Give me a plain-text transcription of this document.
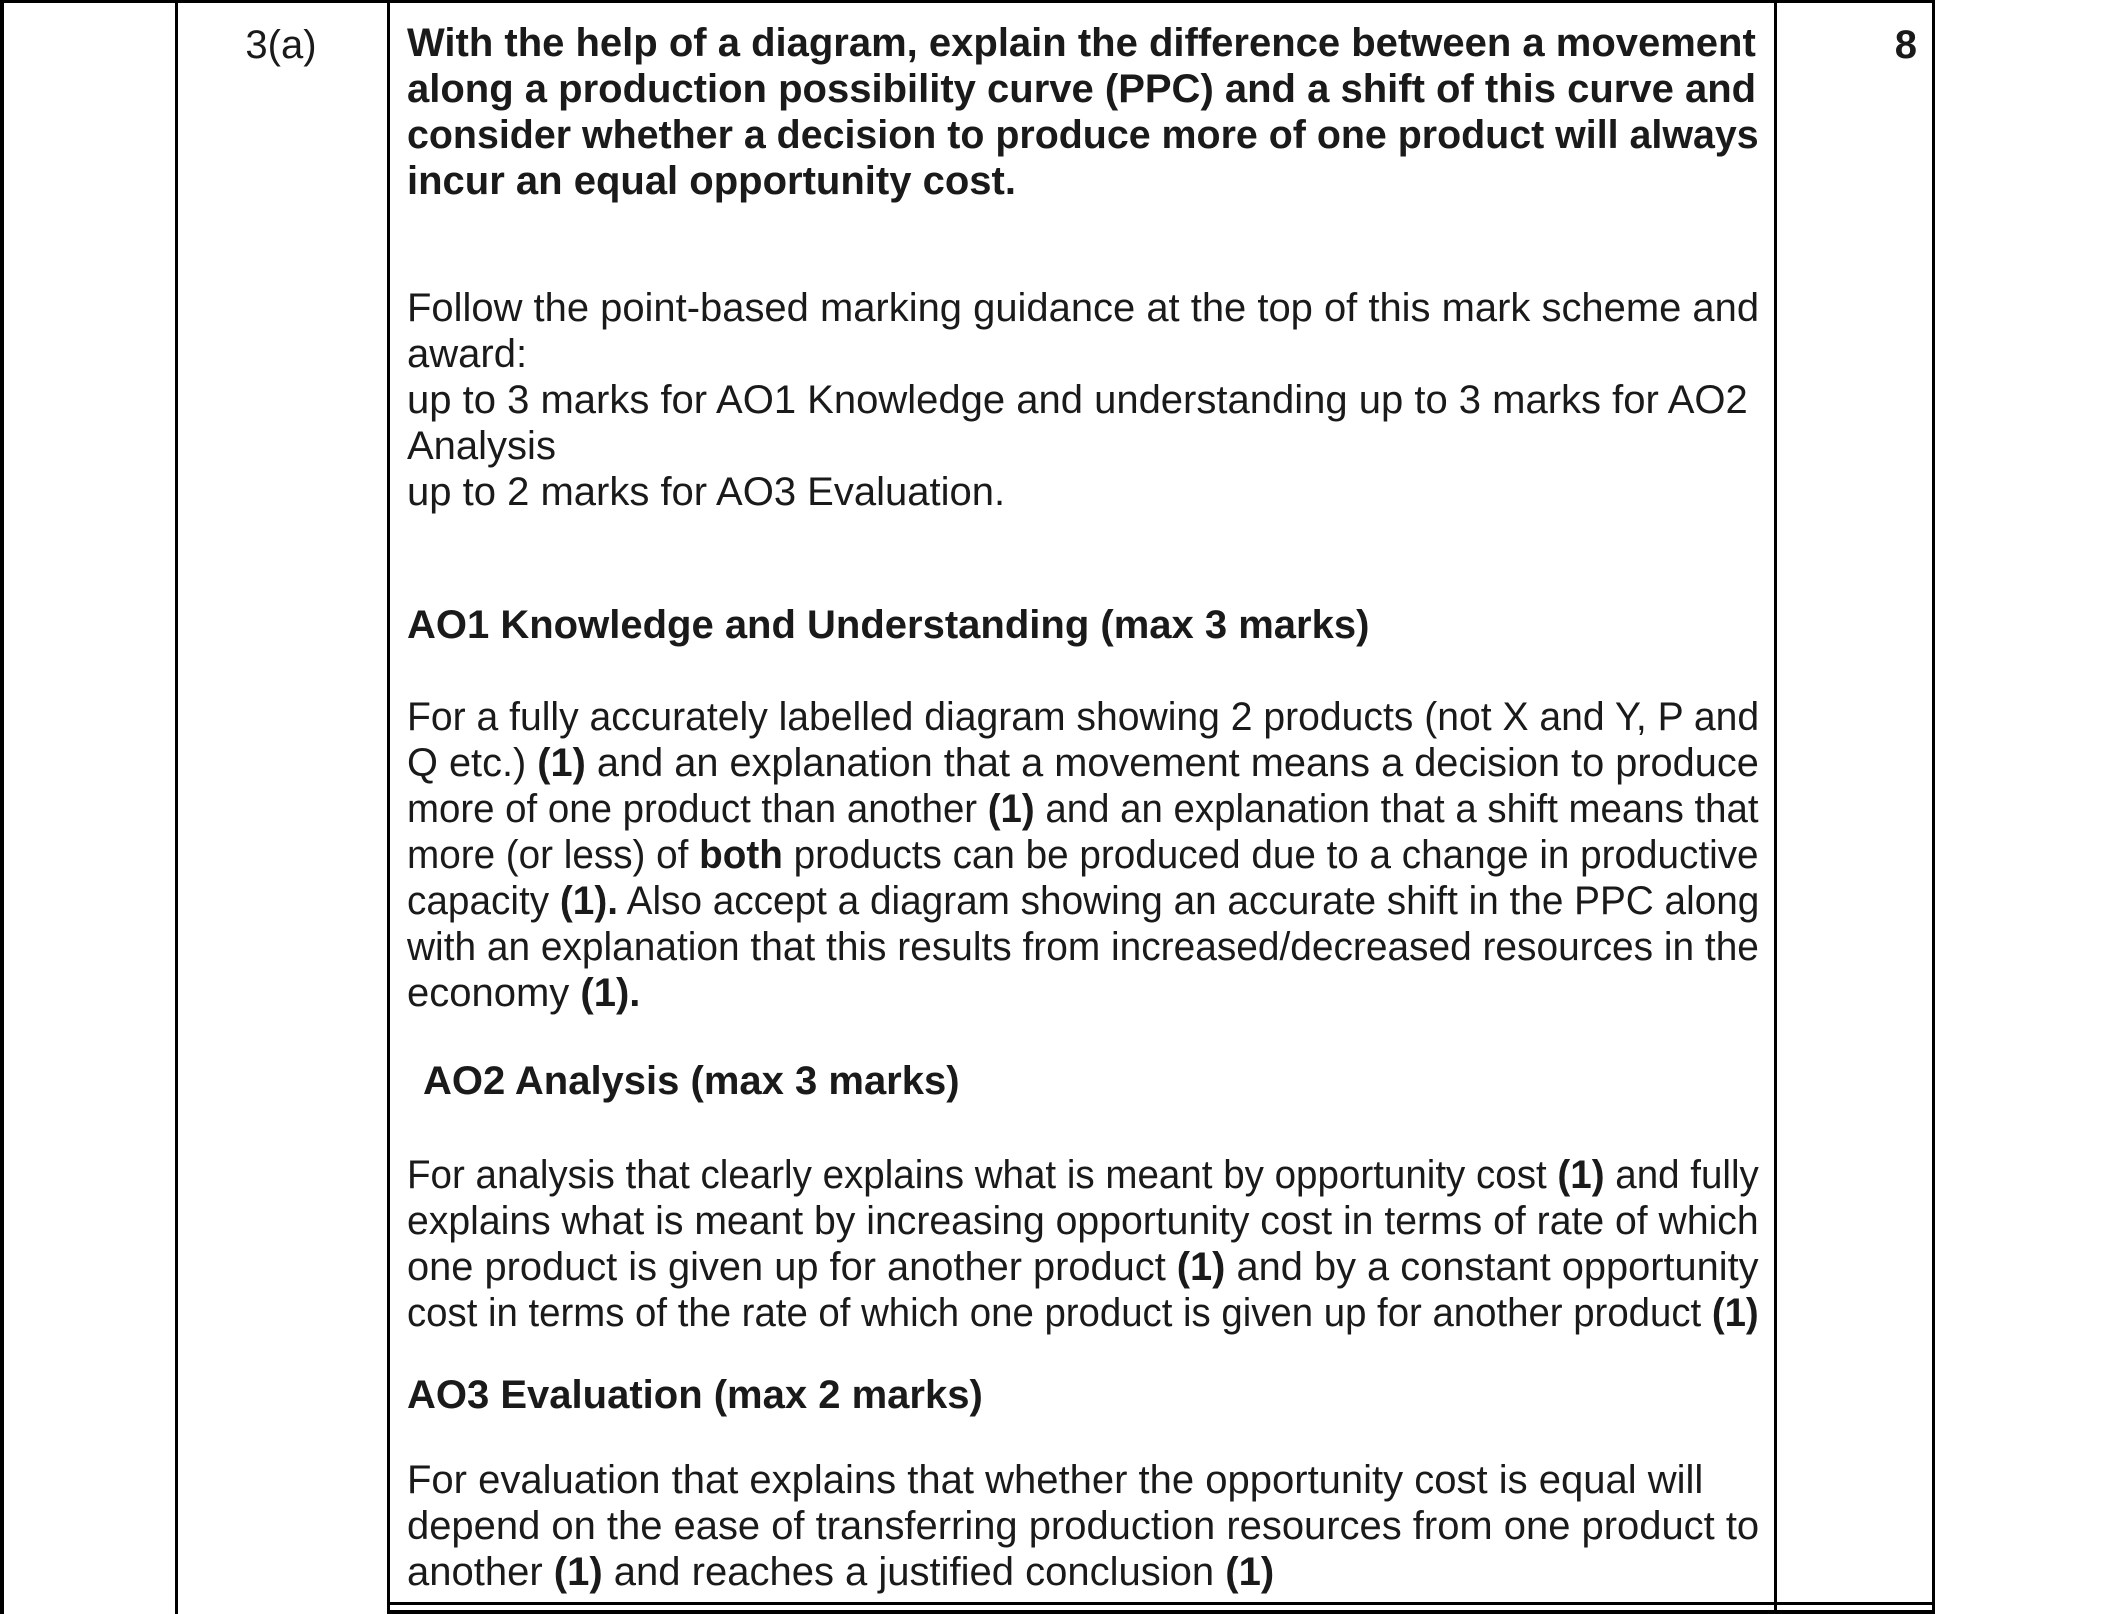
3(a)	8
With the help of a diagram, explain the difference between a movement
along a production possibility curve (PPC) and a shift of this curve and
consider whether a decision to produce more of one product will always
incur an equal opportunity cost.
Follow the point-based marking guidance at the top of this mark scheme and
award:
up to 3 marks for AO1 Knowledge and understanding up to 3 marks for AO2
Analysis
up to 2 marks for AO3 Evaluation.
AO1 Knowledge and Understanding (max 3 marks)
For a fully accurately labelled diagram showing 2 products (not X and Y, P and
Q etc.) (1) and an explanation that a movement means a decision to produce
more of one product than another (1) and an explanation that a shift means that
more (or less) of both products can be produced due to a change in productive
capacity (1). Also accept a diagram showing an accurate shift in the PPC along
with an explanation that this results from increased/decreased resources in the
economy (1).
AO2 Analysis (max 3 marks)
For analysis that clearly explains what is meant by opportunity cost (1) and fully
explains what is meant by increasing opportunity cost in terms of rate of which
one product is given up for another product (1) and by a constant opportunity
cost in terms of the rate of which one product is given up for another product (1)
AO3 Evaluation (max 2 marks)
For evaluation that explains that whether the opportunity cost is equal will
depend on the ease of transferring production resources from one product to
another (1) and reaches a justified conclusion (1)
